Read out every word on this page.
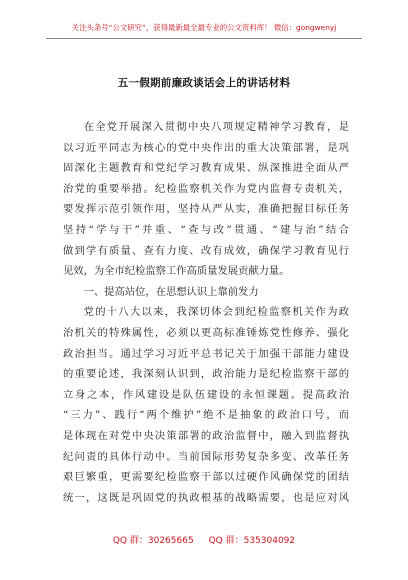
关注头条号“公文研究”，获得最新最全最专业的公文资料库！ 微信：gongwenyj
五一假期前廉政谈话会上的讲话材料
在全党开展深入贯彻中央八项规定精神学习教育，是
以习近平同志为核心的党中央作出的重大决策部署，是巩
固深化主题教育和党纪学习教育成果、纵深推进全面从严
治党的重要举措。纪检监察机关作为党内监督专责机关，
要发挥示范引领作用，坚持从严从实，准确把握目标任务
坚持“学与干”并重、“查与改”贯通、“建与治”结合
做到学有质量、查有力度、改有成效，确保学习教育见行
见效，为全市纪检监察工作高质量发展贡献力量。
一、提高站位，在思想认识上靠前发力
党的十八大以来，我深切体会到纪检监察机关作为政
治机关的特殊属性，必须以更高标准锤炼党性修养、强化
政治担当。通过学习习近平总书记关于加强干部能力建设
的重要论述，我深刻认识到，政治能力是纪检监察干部的
立身之本，作风建设是队伍建设的永恒课题。提高政治
“三力”、践行“两个维护”绝不是抽象的政治口号，而
是体现在对党中央决策部署的政治监督中，融入到监督执
纪问责的具体行动中。当前国际形势复杂多变、改革任务
艰巨繁重，更需要纪检监察干部以过硬作风确保党的团结
统一，这既是巩固党的执政根基的战略需要，也是应对风
QQ 群：30265665 QQ 群：535304092
